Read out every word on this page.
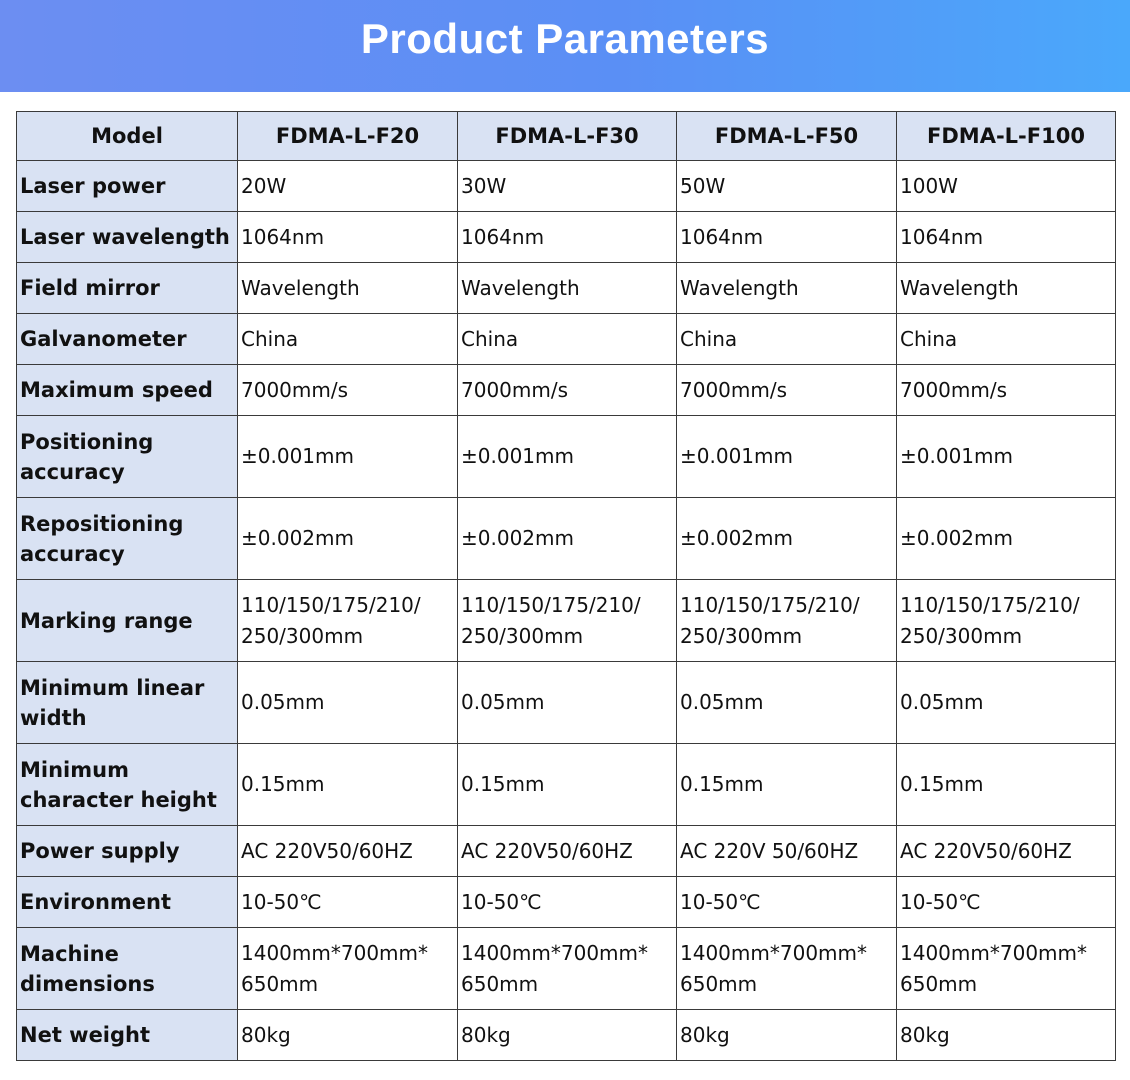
Product Parameters
Model	FDMA-L-F20	FDMA-L-F30	FDMA-L-F50	FDMA-L-F100
Laser power	20W	30W	50W	100W
Laser wavelength	1064nm	1064nm	1064nm	1064nm
Field mirror	Wavelength	Wavelength	Wavelength	Wavelength
Galvanometer	China	China	China	China
Maximum speed	7000mm/s	7000mm/s	7000mm/s	7000mm/s
Positioning accuracy	±0.001mm	±0.001mm	±0.001mm	±0.001mm
Repositioning accuracy	±0.002mm	±0.002mm	±0.002mm	±0.002mm
Marking range	110/150/175/210/ 250/300mm	110/150/175/210/ 250/300mm	110/150/175/210/ 250/300mm	110/150/175/210/ 250/300mm
Minimum linear width	0.05mm	0.05mm	0.05mm	0.05mm
Minimum character height	0.15mm	0.15mm	0.15mm	0.15mm
Power supply	AC 220V50/60HZ	AC 220V50/60HZ	AC 220V 50/60HZ	AC 220V50/60HZ
Environment	10-50℃	10-50℃	10-50℃	10-50℃
Machine dimensions	1400mm*700mm* 650mm	1400mm*700mm* 650mm	1400mm*700mm* 650mm	1400mm*700mm* 650mm
Net weight	80kg	80kg	80kg	80kg
